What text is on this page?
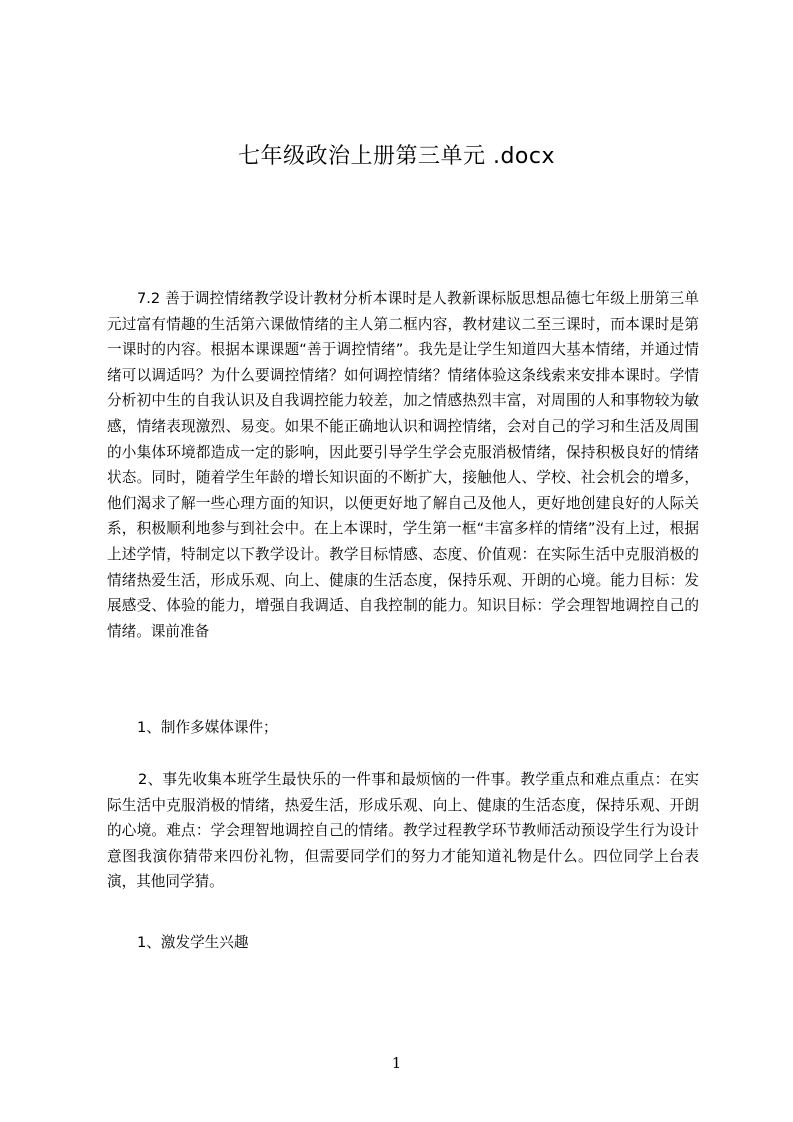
七年级政治上册第三单元 .docx

7.2 善于调控情绪教学设计教材分析本课时是人教新课标版思想品德七年级上册第三单元过富有情趣的生活第六课做情绪的主人第二框内容，教材建议二至三课时，而本课时是第一课时的内容。根据本课课题“善于调控情绪”。我先是让学生知道四大基本情绪，并通过情绪可以调适吗？为什么要调控情绪？如何调控情绪？情绪体验这条线索来安排本课时。学情分析初中生的自我认识及自我调控能力较差，加之情感热烈丰富，对周围的人和事物较为敏感，情绪表现激烈、易变。如果不能正确地认识和调控情绪，会对自己的学习和生活及周围的小集体环境都造成一定的影响，因此要引导学生学会克服消极情绪，保持积极良好的情绪状态。同时，随着学生年龄的增长知识面的不断扩大，接触他人、学校、社会机会的增多，他们渴求了解一些心理方面的知识，以便更好地了解自己及他人，更好地创建良好的人际关系，积极顺利地参与到社会中。在上本课时，学生第一框“丰富多样的情绪”没有上过，根据上述学情，特制定以下教学设计。教学目标情感、态度、价值观：在实际生活中克服消极的情绪热爱生活，形成乐观、向上、健康的生活态度，保持乐观、开朗的心境。能力目标：发展感受、体验的能力，增强自我调适、自我控制的能力。知识目标：学会理智地调控自己的情绪。课前准备

1、制作多媒体课件；

2、事先收集本班学生最快乐的一件事和最烦恼的一件事。教学重点和难点重点：在实际生活中克服消极的情绪，热爱生活，形成乐观、向上、健康的生活态度，保持乐观、开朗的心境。难点：学会理智地调控自己的情绪。教学过程教学环节教师活动预设学生行为设计意图我演你猜带来四份礼物，但需要同学们的努力才能知道礼物是什么。四位同学上台表演，其他同学猜。

1、激发学生兴趣

1
